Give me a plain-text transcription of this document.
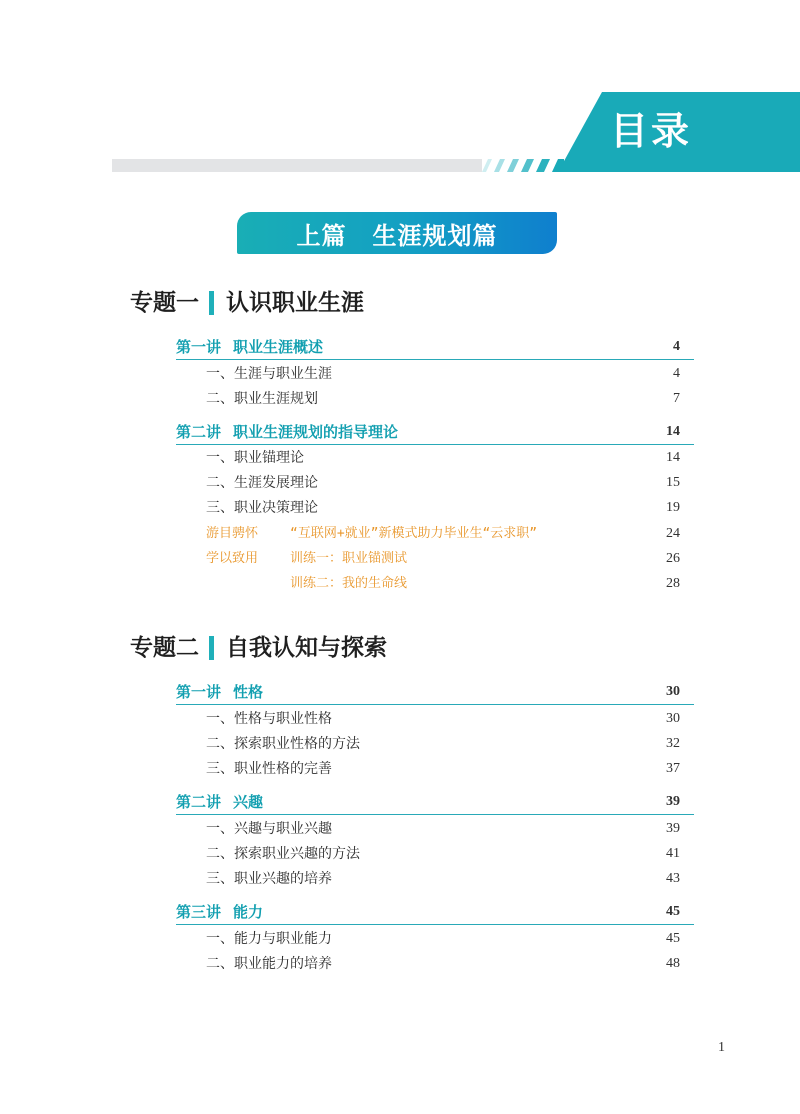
目录
上篇 生涯规划篇
专题一 认识职业生涯
第一讲 职业生涯概述	4
一、生涯与职业生涯	4
二、职业生涯规划	7
第二讲 职业生涯规划的指导理论	14
一、职业锚理论	14
二、生涯发展理论	15
三、职业决策理论	19
游目骋怀 “互联网+就业”新模式助力毕业生“云求职”	24
学以致用 训练一：职业锚测试	26
训练二：我的生命线	28
专题二 自我认知与探索
第一讲 性格	30
一、性格与职业性格	30
二、探索职业性格的方法	32
三、职业性格的完善	37
第二讲 兴趣	39
一、兴趣与职业兴趣	39
二、探索职业兴趣的方法	41
三、职业兴趣的培养	43
第三讲 能力	45
一、能力与职业能力	45
二、职业能力的培养	48
1
